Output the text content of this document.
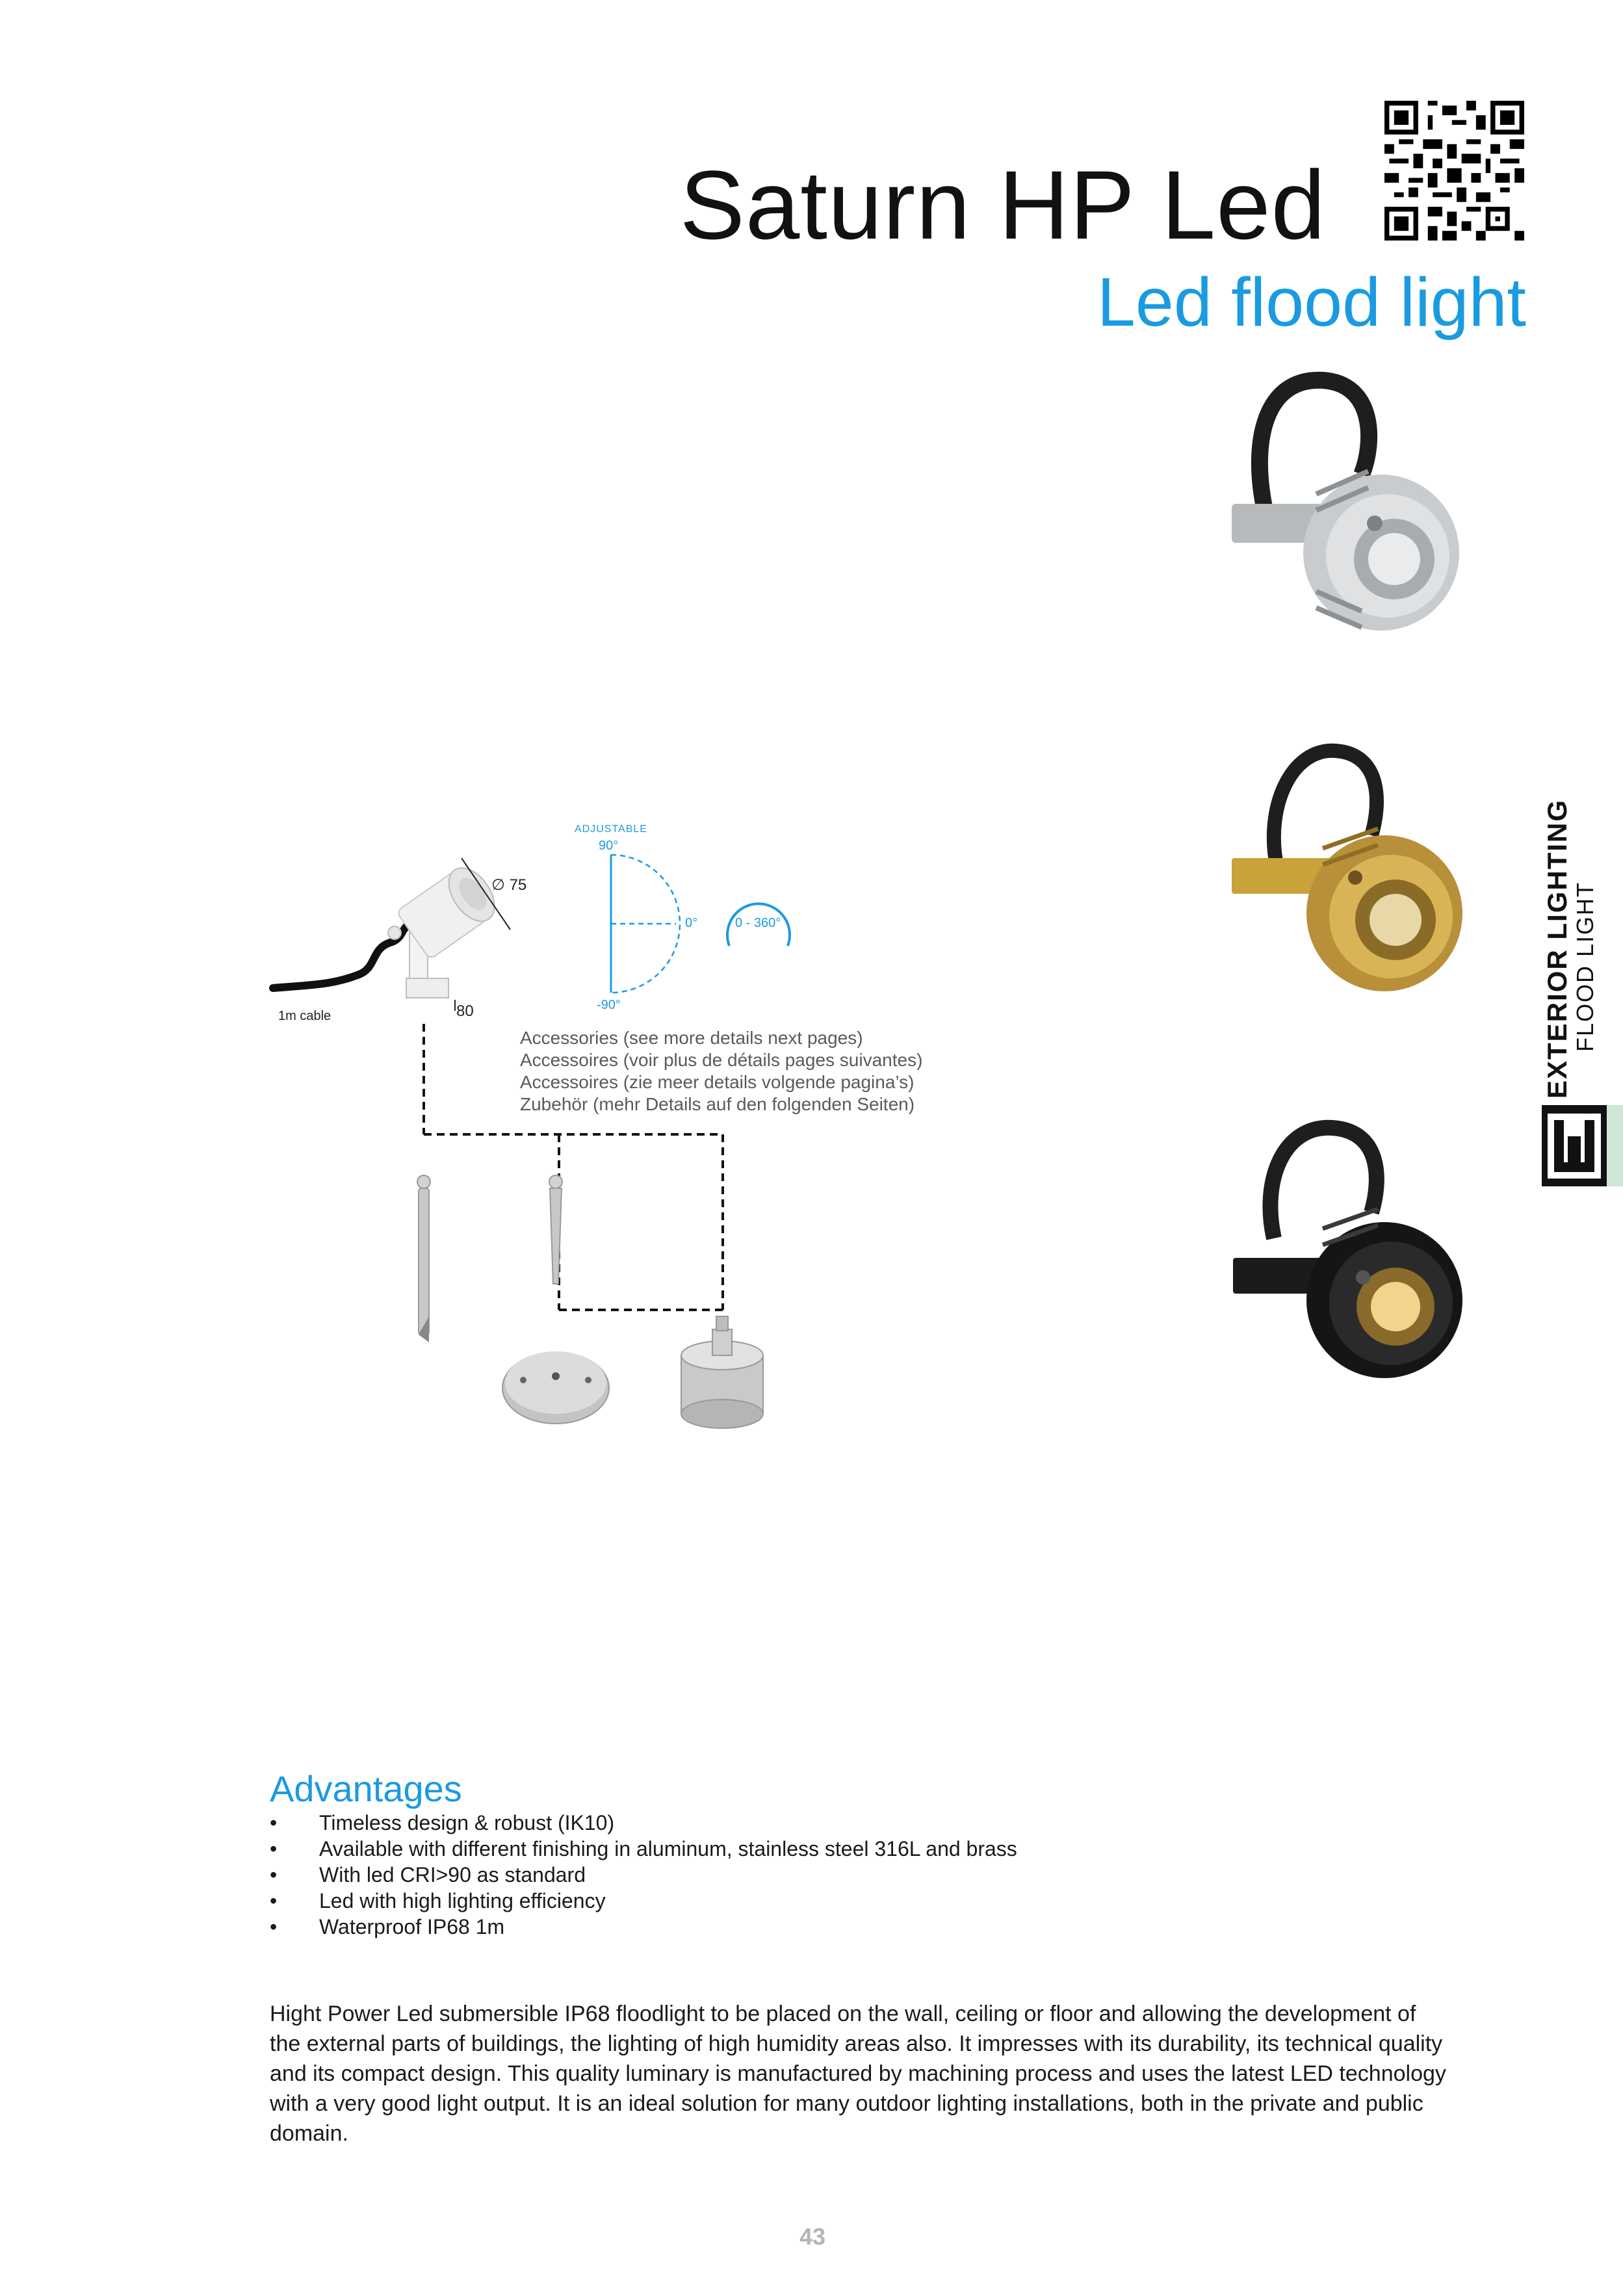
Saturn HP Led
Led flood light
EXTERIOR LIGHTING FLOOD LIGHT
∅ 75
80
1m cable
ADJUSTABLE
90°
0°
-90°
0 - 360°
Accessories (see more details next pages)
Accessoires (voir plus de détails pages suivantes)
Accessoires (zie meer details volgende pagina’s)
Zubehör (mehr Details auf den folgenden Seiten)
Advantages
• Timeless design & robust (IK10)
• Available with different finishing in aluminum, stainless steel 316L and brass
• With led CRI>90 as standard
• Led with high lighting efficiency
• Waterproof IP68 1m
Hight Power Led submersible IP68 floodlight to be placed on the wall, ceiling or floor and allowing the development of the external parts of buildings, the lighting of high humidity areas also. It impresses with its durability, its technical quality and its compact design. This quality luminary is manufactured by machining process and uses the latest LED technology with a very good light output. It is an ideal solution for many outdoor lighting installations, both in the private and public domain.
43
